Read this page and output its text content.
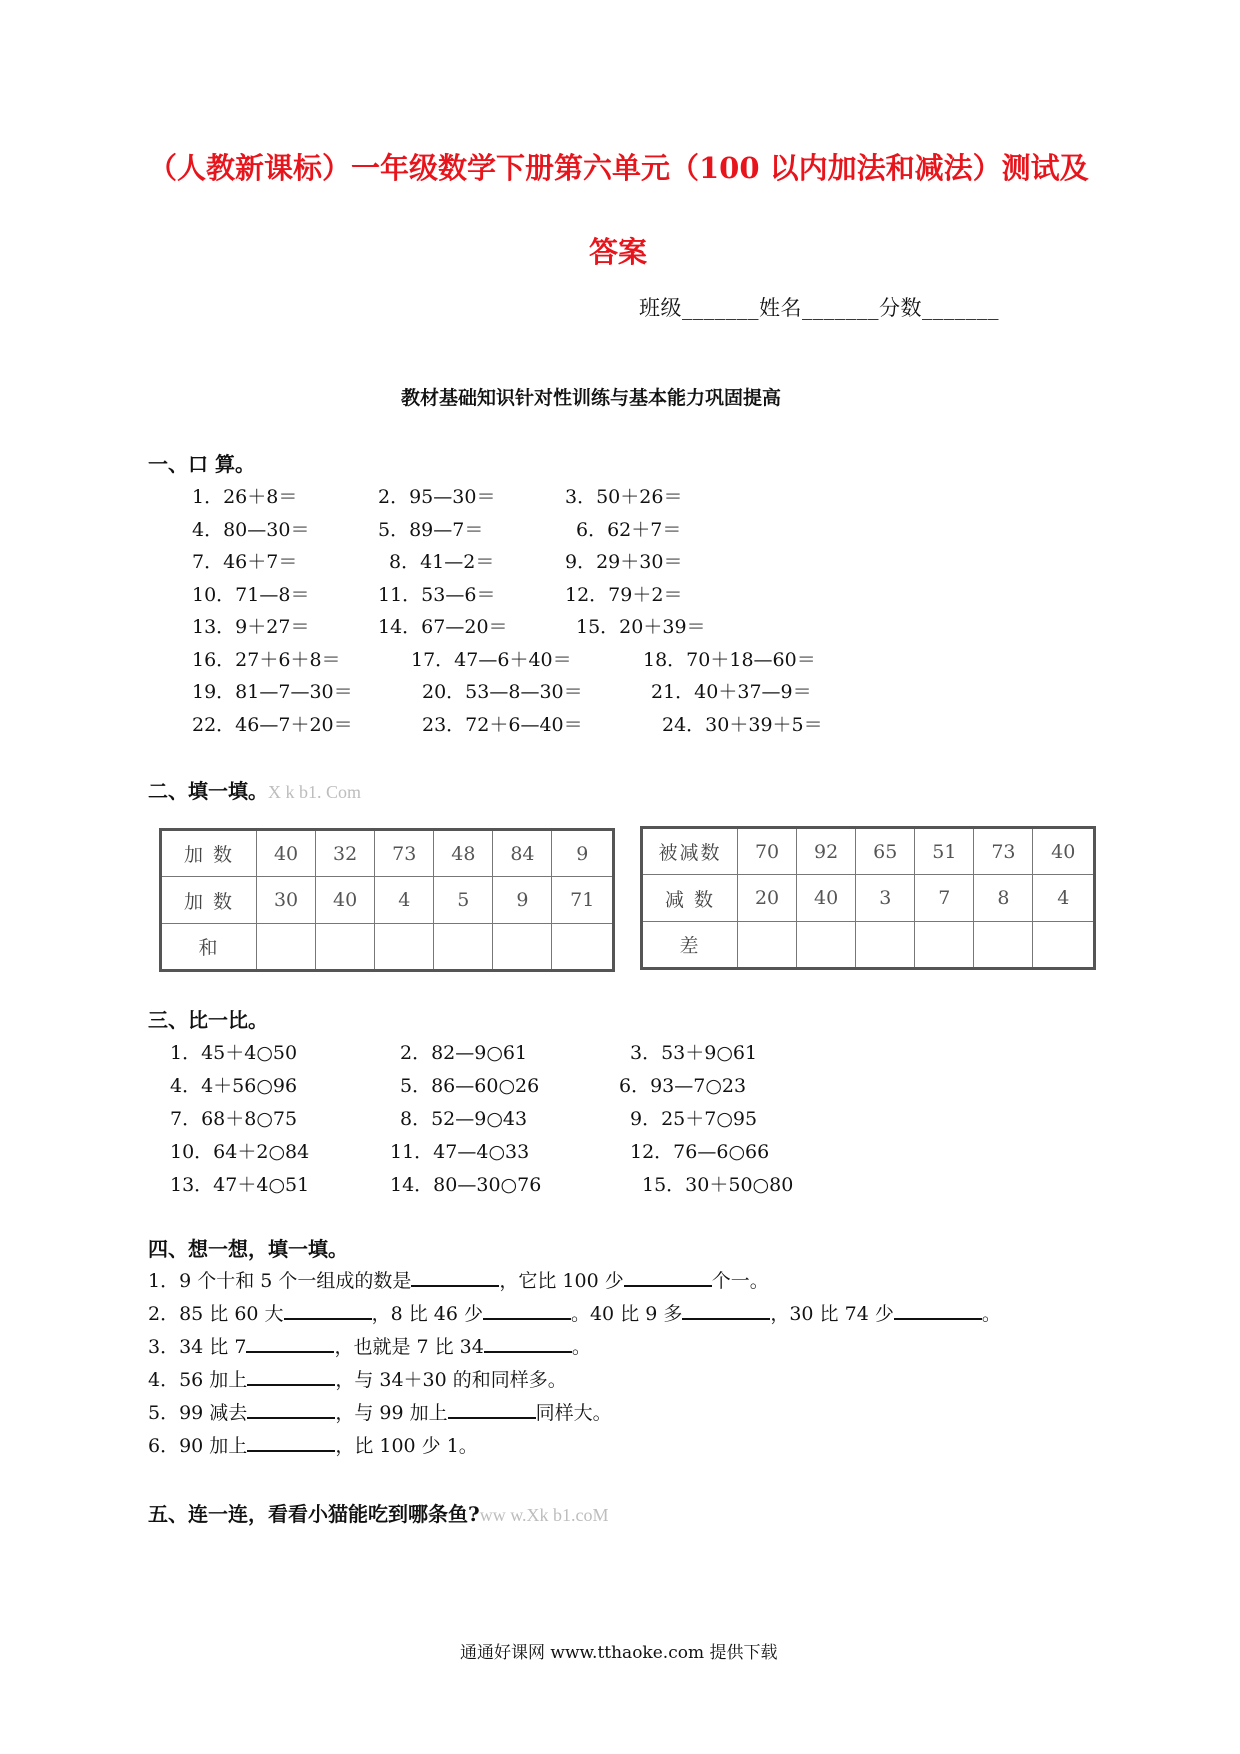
（人教新课标）一年级数学下册第六单元（100 以内加法和减法）测试及
答案
班级_______姓名_______分数_______
教材基础知识针对性训练与基本能力巩固提高
一、口 算。
1．26＋8＝	2．95—30＝	3．50＋26＝
4．80—30＝	5．89—7＝	6．62＋7＝
7．46＋7＝	8．41—2＝	9．29＋30＝
10．71—8＝	11．53—6＝	12．79＋2＝
13．9＋27＝	14．67—20＝	15．20＋39＝
16．27＋6＋8＝	17．47—6＋40＝	18．70＋18—60＝
19．81—7—30＝	20．53—8—30＝	21．40＋37—9＝
22．46—7＋20＝	23．72＋6—40＝	24．30＋39＋5＝
二、填一填。X k b1. Com
加 数	40	32	73	48	84	9
加 数	30	40	4	5	9	71
和						
被减数	70	92	65	51	73	40
减 数	20	40	3	7	8	4
差						
三、比一比。
1．45＋4○50	2．82—9○61	3．53＋9○61
4．4＋56○96	5．86—60○26	6．93—7○23
7．68＋8○75	8．52—9○43	9．25＋7○95
10．64＋2○84	11．47—4○33	12．76—6○66
13．47＋4○51	14．80—30○76	15．30＋50○80
四、想一想，填一填。
1．9 个十和 5 个一组成的数是	，它比 100 少	个一。
2．85 比 60 大	，8 比 46 少	。40 比 9 多	，30 比 74 少	。
3．34 比 7	，也就是 7 比 34	。
4．56 加上	，与 34＋30 的和同样多。
5．99 减去	，与 99 加上	同样大。
6．90 加上	，比 100 少 1。
五、连一连，看看小猫能吃到哪条鱼?ww w.Xk b1.coM
通通好课网 www.tthaoke.com 提供下载
